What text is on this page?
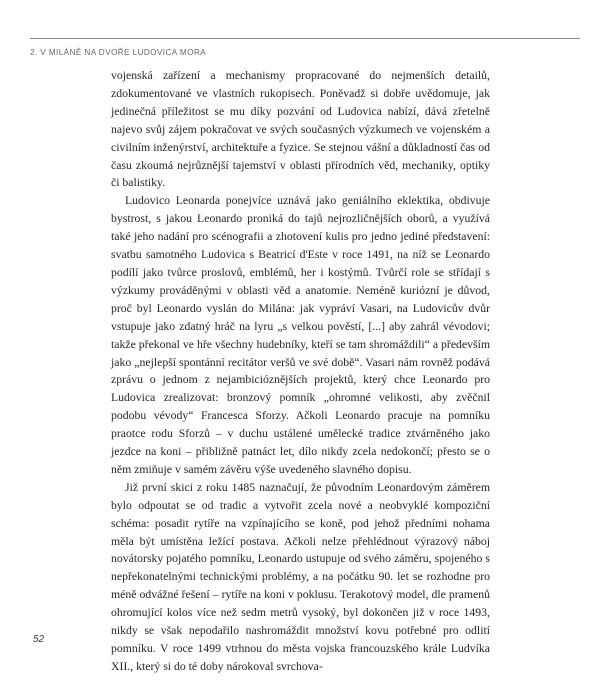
2. V MILÁNĚ NA DVOŘE LUDOVICA MORA

vojenská zařízení a mechanismy propracované do nejmenších detailů, zdokumentované ve vlastních rukopisech. Poněvadž si dobře uvědomuje, jak jedinečná příležitost se mu díky pozvání od Ludovica nabízí, dává zřetelně najevo svůj zájem pokračovat ve svých současných výzkumech ve vojenském a civilním inženýrství, architektuře a fyzice. Se stejnou vášní a důkladností čas od času zkoumá nejrůznější tajemství v oblasti přírodních věd, mechaniky, optiky či balistiky.

Ludovico Leonarda ponejvíce uznává jako geniálního eklektika, obdivuje bystrost, s jakou Leonardo proniká do tajů nejrozličnějších oborů, a využívá také jeho nadání pro scénografii a zhotovení kulis pro jedno jediné představení: svatbu samotného Ludovica s Beatricí d'Este v roce 1491, na níž se Leonardo podílí jako tvůrce proslovů, emblémů, her i kostýmů. Tvůrčí role se střídají s výzkumy prováděnými v oblasti věd a anatomie. Neméně kuriózní je důvod, proč byl Leonardo vyslán do Milána: jak vypráví Vasari, na Ludovicův dvůr vstupuje jako zdatný hráč na lyru „s velkou pověstí, [...] aby zahrál vévodovi; takže překonal ve hře všechny hudebníky, kteří se tam shromáždili“ a především jako „nejlepší spontánní recitátor veršů ve své době“. Vasari nám rovněž podává zprávu o jednom z nejambicióznějších projektů, který chce Leonardo pro Ludovica zrealizovat: bronzový pomník „ohromné velikosti, aby zvěčnil podobu vévody“ Francesca Sforzy. Ačkoli Leonardo pracuje na pomníku praotce rodu Sforzů – v duchu ustálené umělecké tradice ztvárněného jako jezdce na koni – přibližně patnáct let, dílo nikdy zcela nedokončí; přesto se o něm zmiňuje v samém závěru výše uvedeného slavného dopisu.

Již první skici z roku 1485 naznačují, že původním Leonardovým záměrem bylo odpoutat se od tradic a vytvořit zcela nové a neobvyklé kompoziční schéma: posadit rytíře na vzpínajícího se koně, pod jehož předními nohama měla být umístěna ležící postava. Ačkoli nelze přehlédnout výrazový náboj novátorsky pojatého pomníku, Leonardo ustupuje od svého záměru, spojeného s nepřekonatelnými technickými problémy, a na počátku 90. let se rozhodne pro méně odvážné řešení – rytíře na koni v poklusu. Terakotový model, dle pramenů ohromující kolos více než sedm metrů vysoký, byl dokončen již v roce 1493, nikdy se však nepodařilo nashromáždit množství kovu potřebné pro odlití pomníku. V roce 1499 vtrhnou do města vojska francouzského krále Ludvíka XII., který si do té doby nárokoval svrchova-

52
